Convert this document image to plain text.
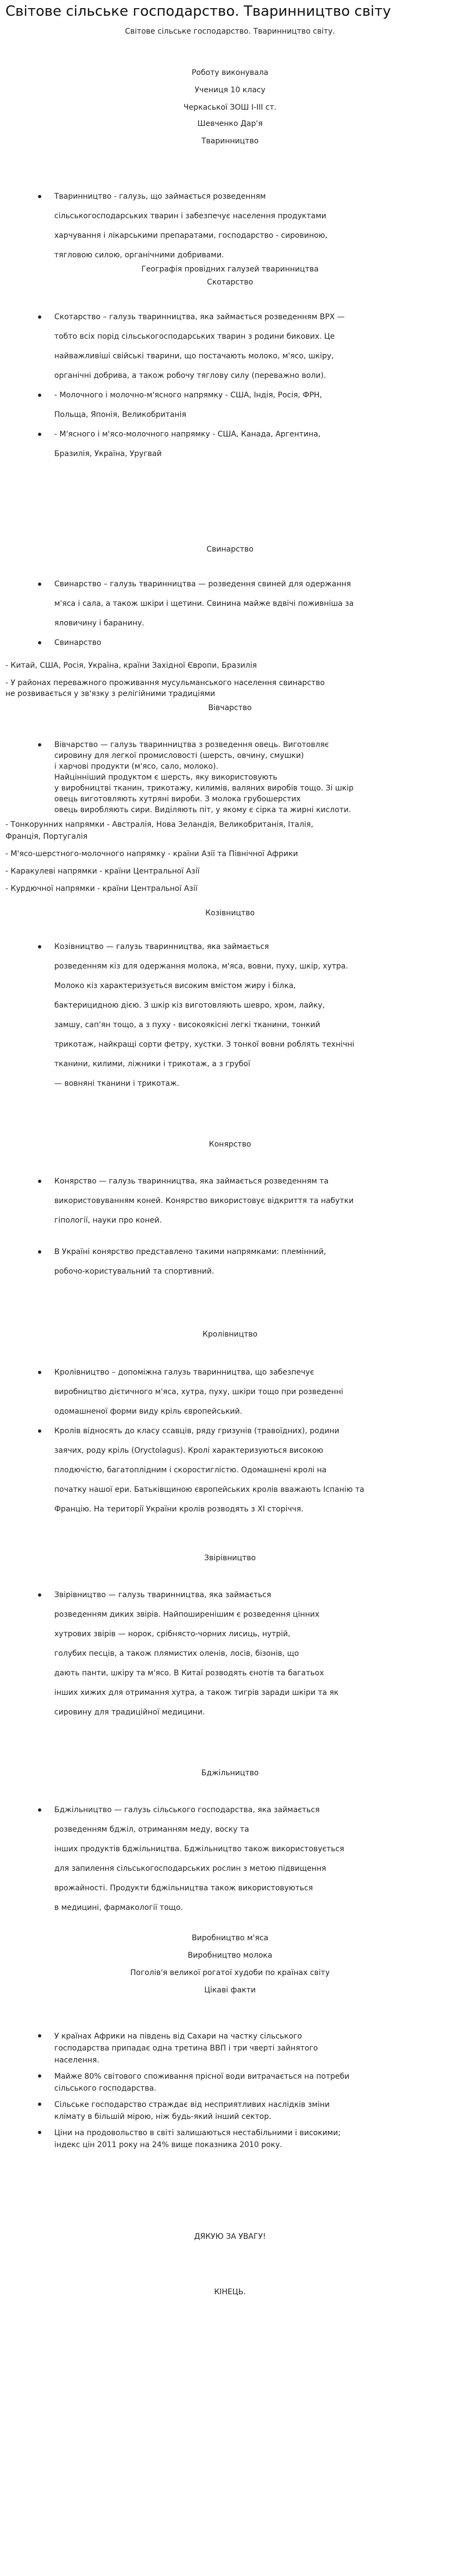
Світове сільське господарство. Тваринництво світу
Світове сільське господарство. Тваринництво світу.
Роботу виконувала
Учениця 10 класу
Черкаської ЗОШ І-ІІІ ст.
Шевченко Дар'я
Тваринництво
Тваринництво - галузь, що займається розведенням
сільськогосподарських тварин і забезпечує населення продуктами
харчування і лікарськими препаратами, господарство - сировиною,
тягловою силою, органічними добривами.
Географія провідних галузей тваринництва
Скотарство
Скотарство – галузь тваринництва, яка займається розведенням ВРХ —
тобто всіх порід сільськогосподарських тварин з родини бикових. Це
найважливіші свійські тварини, що постачають молоко, м'ясо, шкіру,
органічні добрива, а також робочу тяглову силу (переважно воли).
- Молочного і молочно-м'ясного напрямку - США, Індія, Росія, ФРН,
Польща, Японія, Великобританія
- М'ясного і м'ясо-молочного напрямку - США, Канада, Аргентина,
Бразилія, Україна, Уругвай
Свинарство
Свинарство – галузь тваринництва — розведення свиней для одержання
м'яса і сала, а також шкіри і щетини. Свинина майже вдвічі поживніша за
яловичину і баранину.
Свинарство
- Китай, США, Росія, Україна, країни Західної Європи, Бразилія
- У районах переважного проживання мусульманського населення свинарство
не розвивається у зв'язку з релігійними традиціями
Вівчарство
Вівчарство — галузь тваринництва з розведення овець. Виготовляє
сировину для легкої промисловості (шерсть, овчину, смушки)
і харчові продукти (м'ясо, сало, молоко).
Найцінніший продуктом є шерсть, яку використовують
у виробництві тканин, трикотажу, килимів, валяних виробів тощо. Зі шкір
овець виготовляють хутряні вироби. З молока грубошерстих
овець виробляють сири. Виділяють піт, у якому є сірка та жирні кислоти.
- Тонкорунних напрямки - Австралія, Нова Зеландія, Великобританія, Італія,
Франція, Португалія
- М'ясо-шерстного-молочного напрямку - країни Азії та Північної Африки
- Каракулеві напрямки - країни Центральної Азії
- Курдючної напрямки - країни Центральної Азії
Козівництво
Козівництво — галузь тваринництва, яка займається
розведенням кіз для одержання молока, м'яса, вовни, пуху, шкір, хутра.
Молоко кіз характеризується високим вмістом жиру і білка,
бактерицидною дією. З шкір кіз виготовляють шевро, хром, лайку,
замшу, сап'ян тощо, а з пуху - високоякісні легкі тканини, тонкий
трикотаж, найкращі сорти фетру, хустки. З тонкої вовни роблять технічні
тканини, килими, ліжники і трикотаж, а з грубої
— вовняні тканини і трикотаж.
Конярство
Конярство — галузь тваринництва, яка займається розведенням та
використовуванням коней. Конярство використовує відкриття та набутки
гіпології, науки про коней.
В Україні конярство представлено такими напрямками: племінний,
робочо-користувальний та спортивний.
Кролівництво
Кролівництво – допоміжна галузь тваринництва, що забезпечує
виробництво дієтичного м'яса, хутра, пуху, шкіри тощо при розведенні
одомашненої форми виду кріль європейський.
Кролів відносять до класу ссавців, ряду гризунів (травоїдних), родини
заячих, роду кріль (Oryctolagus). Кролі характеризуються високою
плодючістю, багатоплідним і скоростиглістю. Одомашнені кролі на
початку нашої ери. Батьківщиною європейських кролів вважають Іспанію та
Францію. На території України кролів розводять з ХІ сторіччя.
Звірівництво
Звірівництво — галузь тваринництва, яка займається
розведенням диких звірів. Найпоширенішим є розведення цінних
хутрових звірів — норок, срібнясто-чорних лисиць, нутрій,
голубих песців, а також плямистих оленів, лосів, бізонів, що
дають панти, шкіру та м'ясо. В Китаї розводять єнотів та багатьох
інших хижих для отримання хутра, а також тигрів заради шкіри та як
сировину для традиційної медицини.
Бджільництво
Бджільництво — галузь сільського господарства, яка займається
розведенням бджіл, отриманням меду, воску та
інших продуктів бджільництва. Бджільництво також використовується
для запилення сільськогосподарських рослин з метою підвищення
врожайності. Продукти бджільництва також використовуються
в медицині, фармакології тощо.
Виробництво м'яса
Виробництво молока
Поголів'я великої рогатої худоби по країнах світу
Цікаві факти
У країнах Африки на південь від Сахари на частку сільського
господарства припадає одна третина ВВП і три чверті зайнятого
населення.
Майже 80% світового споживання прісної води витрачається на потреби
сільського господарства.
Сільське господарство страждає від несприятливих наслідків зміни
клімату в більшій мірою, ніж будь-який інший сектор.
Ціни на продовольство в світі залишаються нестабільними і високими;
індекс цін 2011 року на 24% вище показника 2010 року.
ДЯКУЮ ЗА УВАГУ!
КІНЕЦЬ.
